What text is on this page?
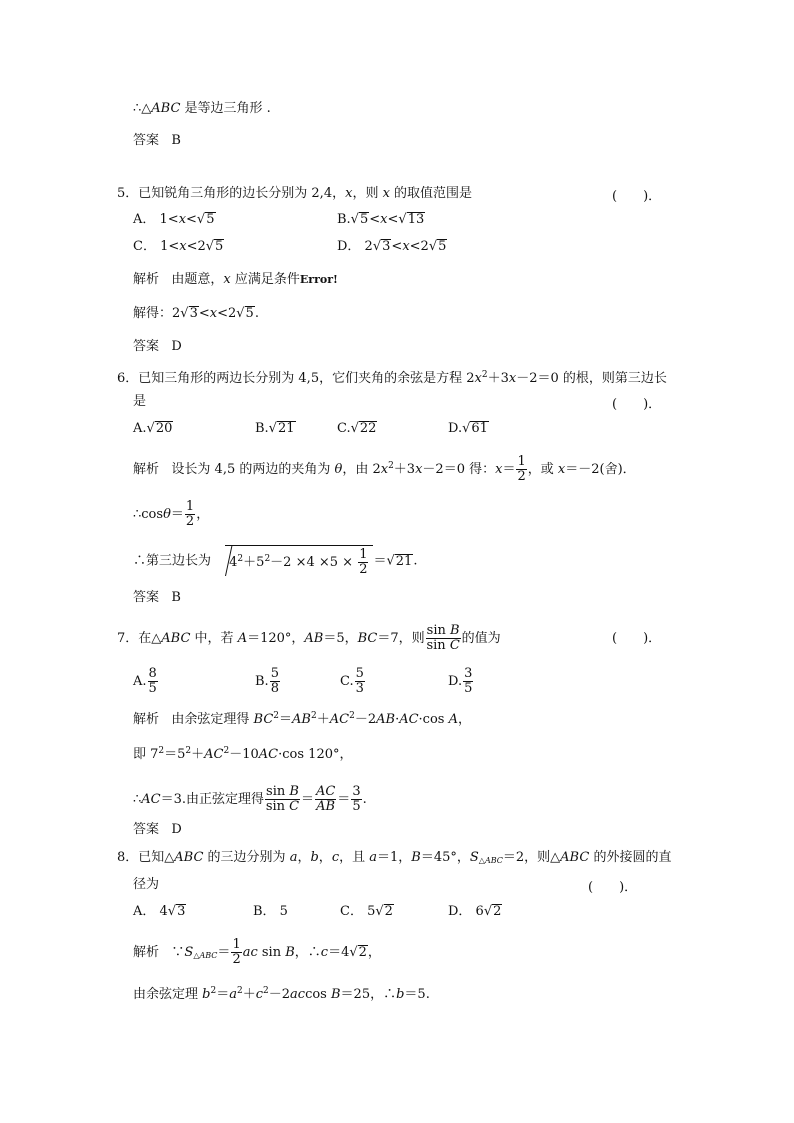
∴△ABC 是等边三角形 .
答案 B
5．已知锐角三角形的边长分别为 2,4，x，则 x 的取值范围是	(　　)．
A． 1<x<√5	B.√5<x<√13
C． 1<x<2√5	D． 2√3<x<2√5
解析   由题意，x 应满足条件Error!
解得：2√3<x<2√5.
答案 D
6．已知三角形的两边长分别为 4,5，它们夹角的余弦是方程 $2x^2+3x-2=0$ 的根，则第三边长
是	(　　)．
A.√20	B.√21	C.√22	D.√61
解析   设长为 4,5 的两边的夹角为 θ，由 $2x^2+3x-2=0$ 得：$x= \frac{1}{2}$ ，或 x＝－2(舍)．
∴cosθ＝ $\frac{1}{2}$ ，
∴第三边长为 $4^2+5^2-2 \times 4 \times 5 \times \frac{1}{2} =√21$.
答案 B
7．在△ABC 中，若 A＝120°，AB＝5，BC＝7，则 $\frac{\text{sin B}}{\text{sin C}}$ 的值为	(　　)．
A. $\frac{8}{5}$	B. $\frac{5}{8}$	C. $\frac{5}{3}$	D. $\frac{3}{5}$
解析   由余弦定理得 $BC^2=AB^2+AC^2-2AB\cdot AC\cdot\cos$ A，
即 $7^2=5^2+AC^2-10AC\cdot\cos$ 120°，
∴AC＝3.由正弦定理得 $\frac{\text{sin B}}{\text{sin C}} = \frac{AC}{AB} = \frac{3}{5}$ .
答案 D
8．已知△ABC 的三边分别为 a，b，c，且 a＝1，B＝45°，$S_{\triangle ABC}=2$，则△ABC 的外接圆的直
径为	(　　)．
A． 4√3	B． 5	C． 5√2	D． 6√2
解析   $\because S_{\triangle ABC}= \frac{1}{2}$ ac sin B，∴c＝4√2，
由余弦定理 $b^2=a^2+c^2-2accos$ B＝25，∴b＝5.
